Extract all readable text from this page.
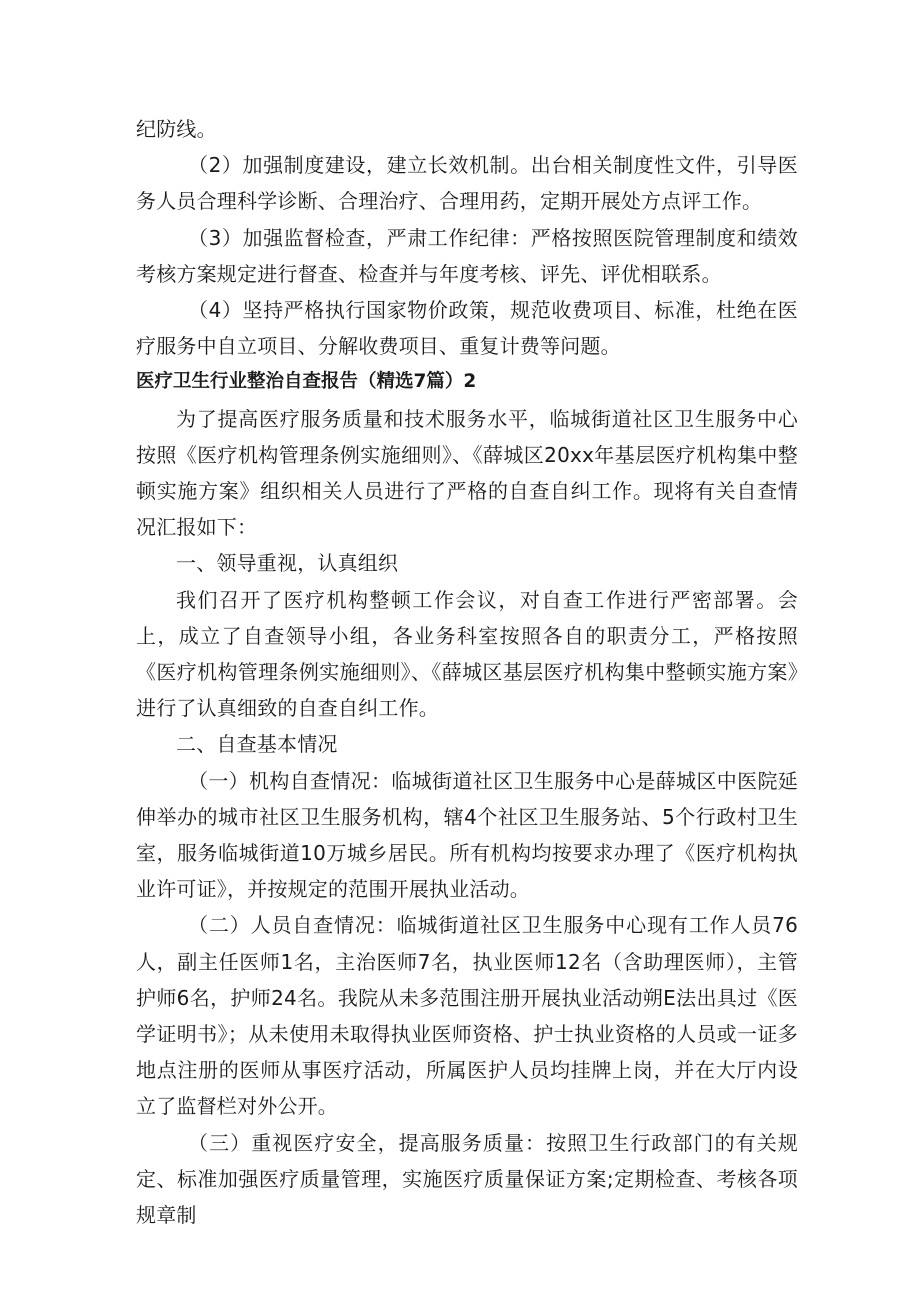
纪防线。

（2）加强制度建设，建立长效机制。出台相关制度性文件，引导医务人员合理科学诊断、合理治疗、合理用药，定期开展处方点评工作。

（3）加强监督检查，严肃工作纪律：严格按照医院管理制度和绩效考核方案规定进行督查、检查并与年度考核、评先、评优相联系。

（4）坚持严格执行国家物价政策，规范收费项目、标准，杜绝在医疗服务中自立项目、分解收费项目、重复计费等问题。

医疗卫生行业整治自查报告（精选7篇）2

为了提高医疗服务质量和技术服务水平，临城街道社区卫生服务中心按照《医疗机构管理条例实施细则》、《薛城区20xx年基层医疗机构集中整顿实施方案》组织相关人员进行了严格的自查自纠工作。现将有关自查情况汇报如下：

一、领导重视，认真组织

我们召开了医疗机构整顿工作会议，对自查工作进行严密部署。会上，成立了自查领导小组，各业务科室按照各自的职责分工，严格按照《医疗机构管理条例实施细则》、《薛城区基层医疗机构集中整顿实施方案》进行了认真细致的自查自纠工作。

二、自查基本情况

（一）机构自查情况：临城街道社区卫生服务中心是薛城区中医院延伸举办的城市社区卫生服务机构，辖4个社区卫生服务站、5个行政村卫生室，服务临城街道10万城乡居民。所有机构均按要求办理了《医疗机构执业许可证》，并按规定的范围开展执业活动。

（二）人员自查情况：临城街道社区卫生服务中心现有工作人员76人，副主任医师1名，主治医师7名，执业医师12名（含助理医师），主管护师6名，护师24名。我院从未多范围注册开展执业活动朔E法出具过《医学证明书》；从未使用未取得执业医师资格、护士执业资格的人员或一证多地点注册的医师从事医疗活动，所属医护人员均挂牌上岗，并在大厅内设立了监督栏对外公开。

（三）重视医疗安全，提高服务质量：按照卫生行政部门的有关规定、标准加强医疗质量管理，实施医疗质量保证方案;定期检查、考核各项规章制
